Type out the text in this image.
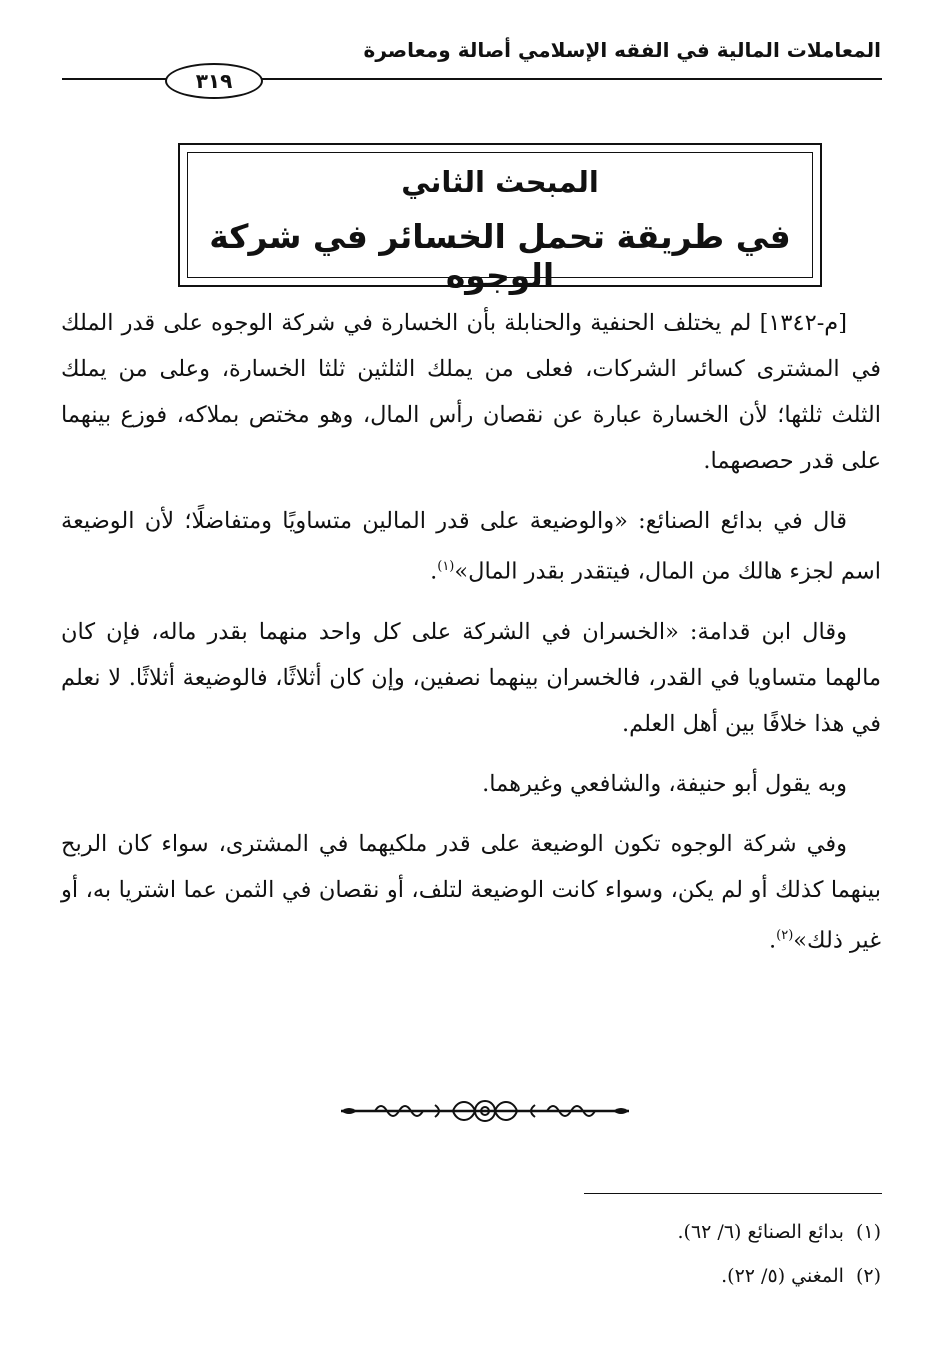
المعاملات المالية في الفقه الإسلامي أصالة ومعاصرة
٣١٩
المبحث الثاني
في طريقة تحمل الخسائر في شركة الوجوه

[م-١٣٤٢] لم يختلف الحنفية والحنابلة بأن الخسارة في شركة الوجوه على قدر الملك في المشترى كسائر الشركات، فعلى من يملك الثلثين ثلثا الخسارة، وعلى من يملك الثلث ثلثها؛ لأن الخسارة عبارة عن نقصان رأس المال، وهو مختص بملاكه، فوزع بينهما على قدر حصصهما.

قال في بدائع الصنائع: «والوضيعة على قدر المالين متساويًا ومتفاضلًا؛ لأن الوضيعة اسم لجزء هالك من المال، فيتقدر بقدر المال»$^{(١)}$.

وقال ابن قدامة: «الخسران في الشركة على كل واحد منهما بقدر ماله، فإن كان مالهما متساويا في القدر، فالخسران بينهما نصفين، وإن كان أثلاثًا، فالوضيعة أثلاثًا. لا نعلم في هذا خلافًا بين أهل العلم.

وبه يقول أبو حنيفة، والشافعي وغيرهما.

وفي شركة الوجوه تكون الوضيعة على قدر ملكيهما في المشترى، سواء كان الربح بينهما كذلك أو لم يكن، وسواء كانت الوضيعة لتلف، أو نقصان في الثمن عما اشتريا به، أو غير ذلك»$^{(٢)}$.

(١)بدائع الصنائع (٦/ ٦٢).
(٢)المغني (٥/ ٢٢).
